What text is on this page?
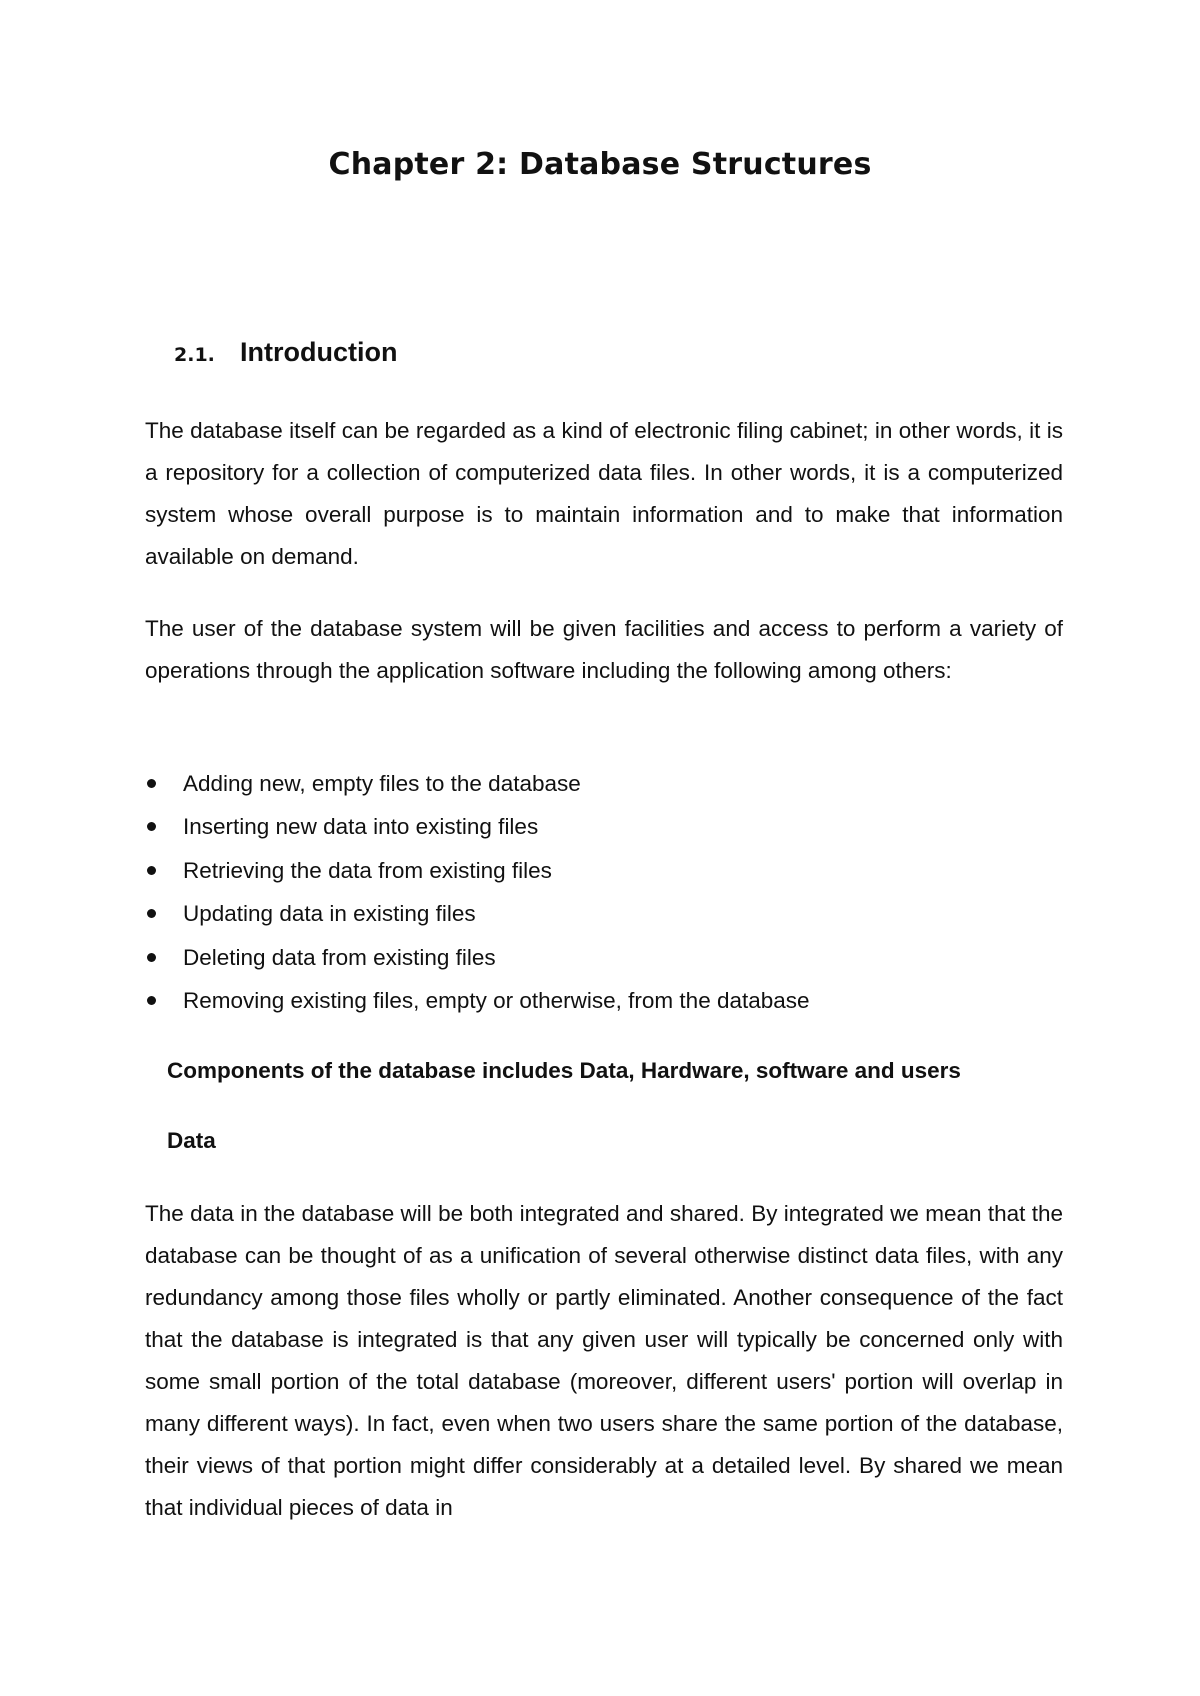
Chapter 2: Database Structures
2.1. Introduction

The database itself can be regarded as a kind of electronic filing cabinet; in other words, it is a repository for a collection of computerized data files. In other words, it is a computerized system whose overall purpose is to maintain information and to make that information available on demand.

The user of the database system will be given facilities and access to perform a variety of operations through the application software including the following among others:

Adding new, empty files to the database
Inserting new data into existing files
Retrieving the data from existing files
Updating data in existing files
Deleting data from existing files
Removing existing files, empty or otherwise, from the database

Components of the database includes Data, Hardware, software and users

Data

The data in the database will be both integrated and shared. By integrated we mean that the database can be thought of as a unification of several otherwise distinct data files, with any redundancy among those files wholly or partly eliminated. Another consequence of the fact that the database is integrated is that any given user will typically be concerned only with some small portion of the total database (moreover, different users' portion will overlap in many different ways). In fact, even when two users share the same portion of the database, their views of that portion might differ considerably at a detailed level. By shared we mean that individual pieces of data in
